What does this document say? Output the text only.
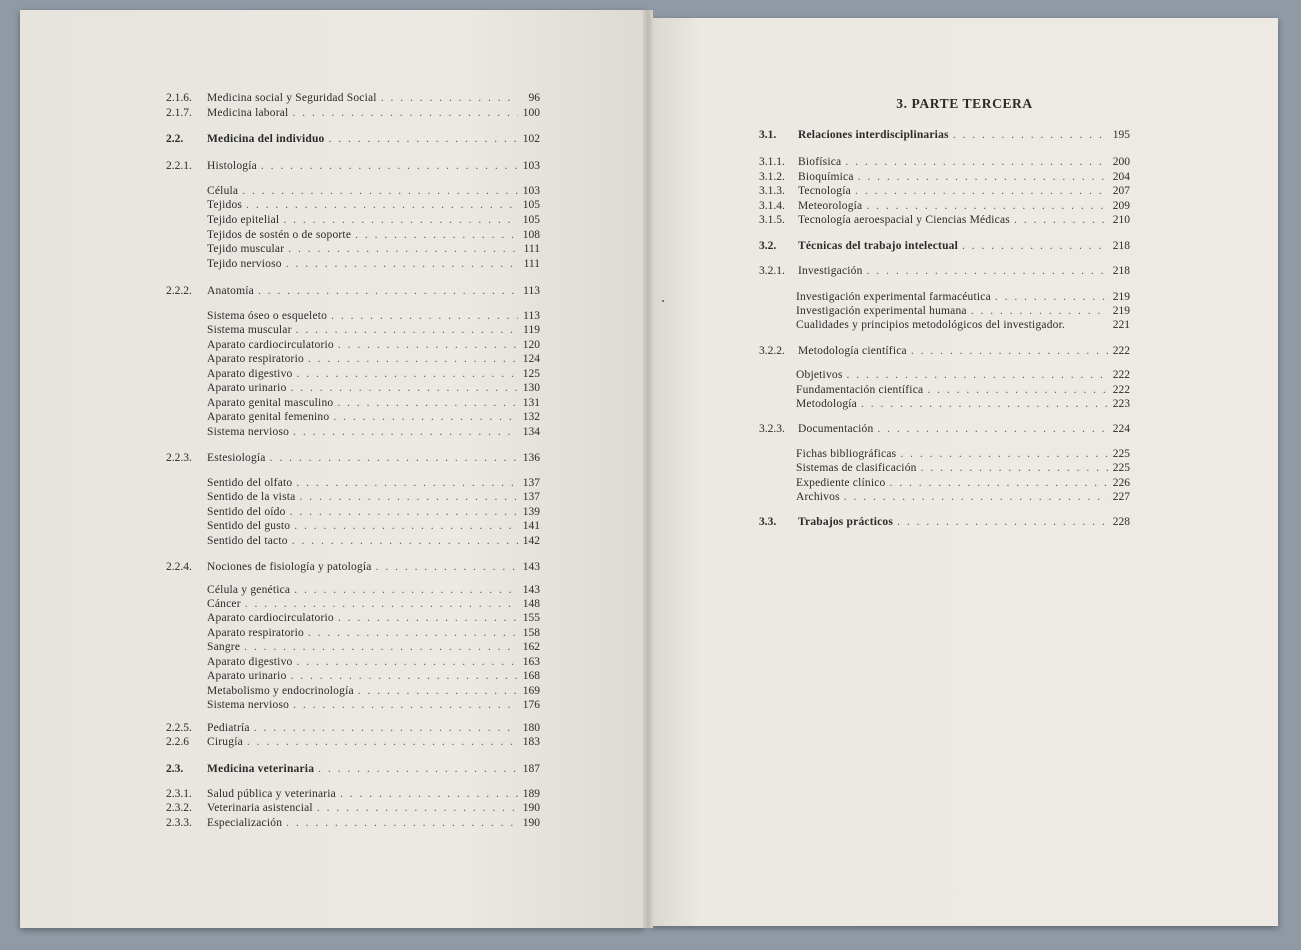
3. PARTE TERCERA
2.1.6.	Medicina social y Seguridad Social . . .	96
2.1.7.	Medicina laboral . . .	100
2.2.	Medicina del individuo . . .	102
2.2.1.	Histología . . .	103
Célula . . .	103
Tejidos . . .	105
Tejido epitelial . . .	105
Tejidos de sostén o de soporte . . .	108
Tejido muscular . . .	111
Tejido nervioso . . .	111
2.2.2.	Anatomía . . .	113
Sistema óseo o esqueleto . . .	113
Sistema muscular . . .	119
Aparato cardiocirculatorio . . .	120
Aparato respiratorio . . .	124
Aparato digestivo . . .	125
Aparato urinario . . .	130
Aparato genital masculino . . .	131
Aparato genital femenino . . .	132
Sistema nervioso . . .	134
2.2.3.	Estesiología . . .	136
Sentido del olfato . . .	137
Sentido de la vista . . .	137
Sentido del oído . . .	139
Sentido del gusto . . .	141
Sentido del tacto . . .	142
2.2.4.	Nociones de fisiología y patología . . .	143
Célula y genética . . .	143
Cáncer . . .	148
Aparato cardiocirculatorio . . .	155
Aparato respiratorio . . .	158
Sangre . . .	162
Aparato digestivo . . .	163
Aparato urinario . . .	168
Metabolismo y endocrinología . . .	169
Sistema nervioso . . .	176
2.2.5.	Pediatría . . .	180
2.2.6	Cirugía . . .	183
2.3.	Medicina veterinaria . . .	187
2.3.1.	Salud pública y veterinaria . . .	189
2.3.2.	Veterinaria asistencial . . .	190
2.3.3.	Especialización . . .	190
3.1.	Relaciones interdisciplinarias . . .	195
3.1.1.	Biofísica . . .	200
3.1.2.	Bioquímica . . .	204
3.1.3.	Tecnología . . .	207
3.1.4.	Meteorología . . .	209
3.1.5.	Tecnología aeroespacial y Ciencias Médicas . . .	210
3.2.	Técnicas del trabajo intelectual . . .	218
3.2.1.	Investigación . . .	218
Investigación experimental farmacéutica . . .	219
Investigación experimental humana . . .	219
Cualidades y principios metodológicos del investigador.	221
3.2.2.	Metodología científica . . .	222
Objetivos . . .	222
Fundamentación científica . . .	222
Metodología . . .	223
3.2.3.	Documentación . . .	224
Fichas bibliográficas . . .	225
Sistemas de clasificación . . .	225
Expediente clínico . . .	226
Archivos . . .	227
3.3.	Trabajos prácticos . . .	228
